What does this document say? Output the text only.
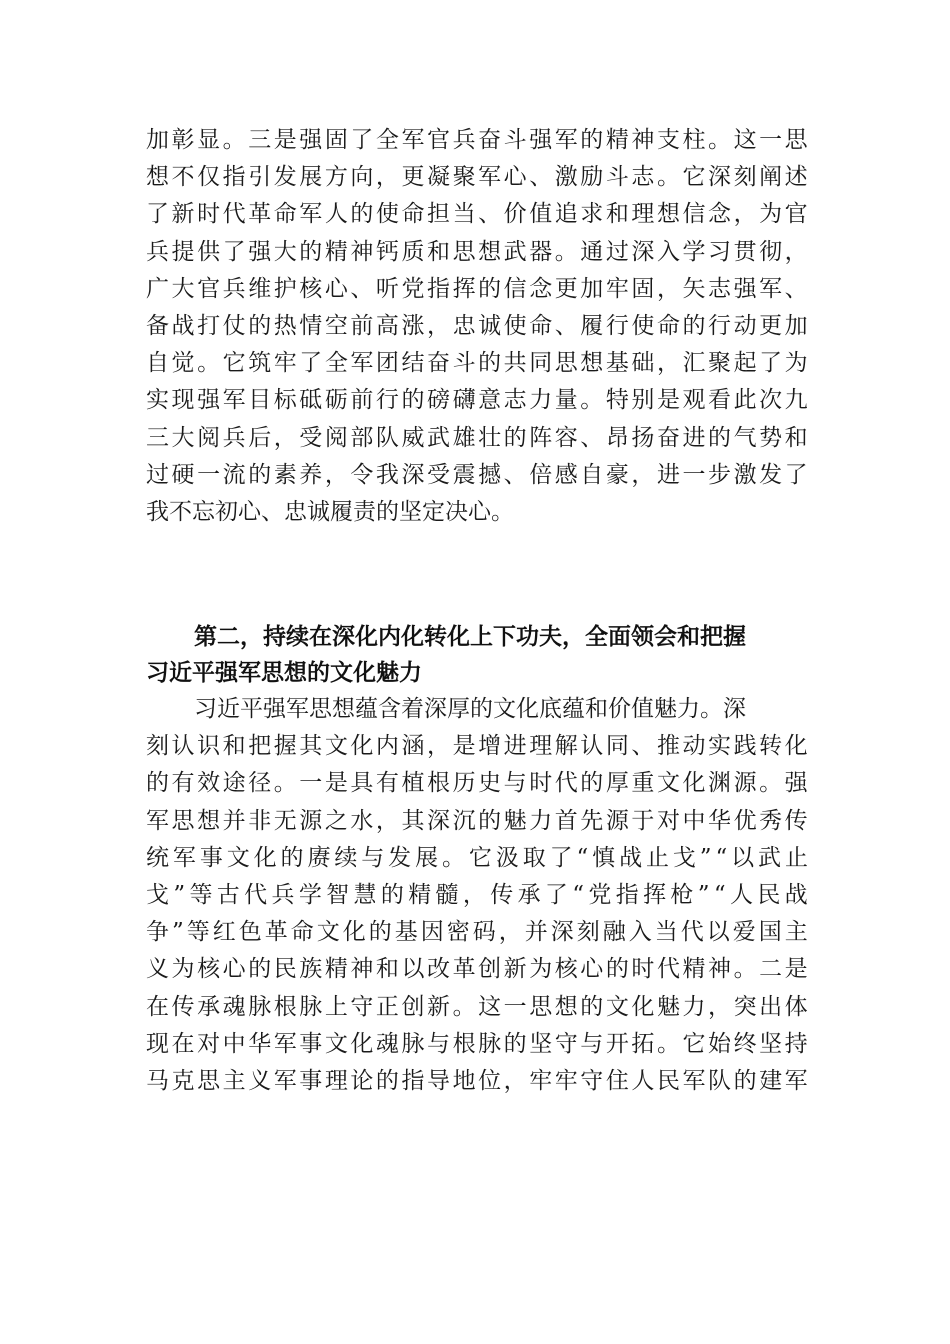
加 彰 显 。 三 是 强 固 了 全 军 官 兵 奋 斗 强 军 的 精 神 支 柱 。 这 一 思
想 不 仅 指 引 发 展 方 向 ， 更 凝 聚 军 心 、 激 励 斗 志 。 它 深 刻 阐 述
了 新 时 代 革 命 军 人 的 使 命 担 当 、 价 值 追 求 和 理 想 信 念 ， 为 官
兵 提 供 了 强 大 的 精 神 钙 质 和 思 想 武 器 。 通 过 深 入 学 习 贯 彻 ，
广 大 官 兵 维 护 核 心 、 听 党 指 挥 的 信 念 更 加 牢 固 ， 矢 志 强 军 、
备 战 打 仗 的 热 情 空 前 高 涨 ， 忠 诚 使 命 、 履 行 使 命 的 行 动 更 加
自 觉 。 它 筑 牢 了 全 军 团 结 奋 斗 的 共 同 思 想 基 础 ， 汇 聚 起 了 为
实 现 强 军 目 标 砥 砺 前 行 的 磅 礴 意 志 力 量 。 特 别 是 观 看 此 次 九
三 大 阅 兵 后 ， 受 阅 部 队 威 武 雄 壮 的 阵 容 、 昂 扬 奋 进 的 气 势 和
过 硬 一 流 的 素 养 ， 令 我 深 受 震 撼 、 倍 感 自 豪 ， 进 一 步 激 发 了
我不忘初心、忠诚履责的坚定决心。
第二，持续在深化内化转化上下功夫，全面领会和把握
习近平强军思想的文化魅力
习近平强军思想蕴含着深厚的文化底蕴和价值魅力。深
刻 认 识 和 把 握 其 文 化 内 涵 ， 是 增 进 理 解 认 同 、 推 动 实 践 转 化
的 有 效 途 径 。 一 是 具 有 植 根 历 史 与 时 代 的 厚 重 文 化 渊 源 。 强
军 思 想 并 非 无 源 之 水 ， 其 深 沉 的 魅 力 首 先 源 于 对 中 华 优 秀 传
统 军 事 文 化 的 赓 续 与 发 展 。 它 汲 取 了 “ 慎 战 止 戈 ” “ 以 武 止
戈 ” 等 古 代 兵 学 智 慧 的 精 髓 ， 传 承 了 “ 党 指 挥 枪 ” “ 人 民 战
争 ” 等 红 色 革 命 文 化 的 基 因 密 码 ， 并 深 刻 融 入 当 代 以 爱 国 主
义 为 核 心 的 民 族 精 神 和 以 改 革 创 新 为 核 心 的 时 代 精 神 。 二 是
在 传 承 魂 脉 根 脉 上 守 正 创 新 。 这 一 思 想 的 文 化 魅 力 ， 突 出 体
现 在 对 中 华 军 事 文 化 魂 脉 与 根 脉 的 坚 守 与 开 拓 。 它 始 终 坚 持
马 克 思 主 义 军 事 理 论 的 指 导 地 位 ， 牢 牢 守 住 人 民 军 队 的 建 军
